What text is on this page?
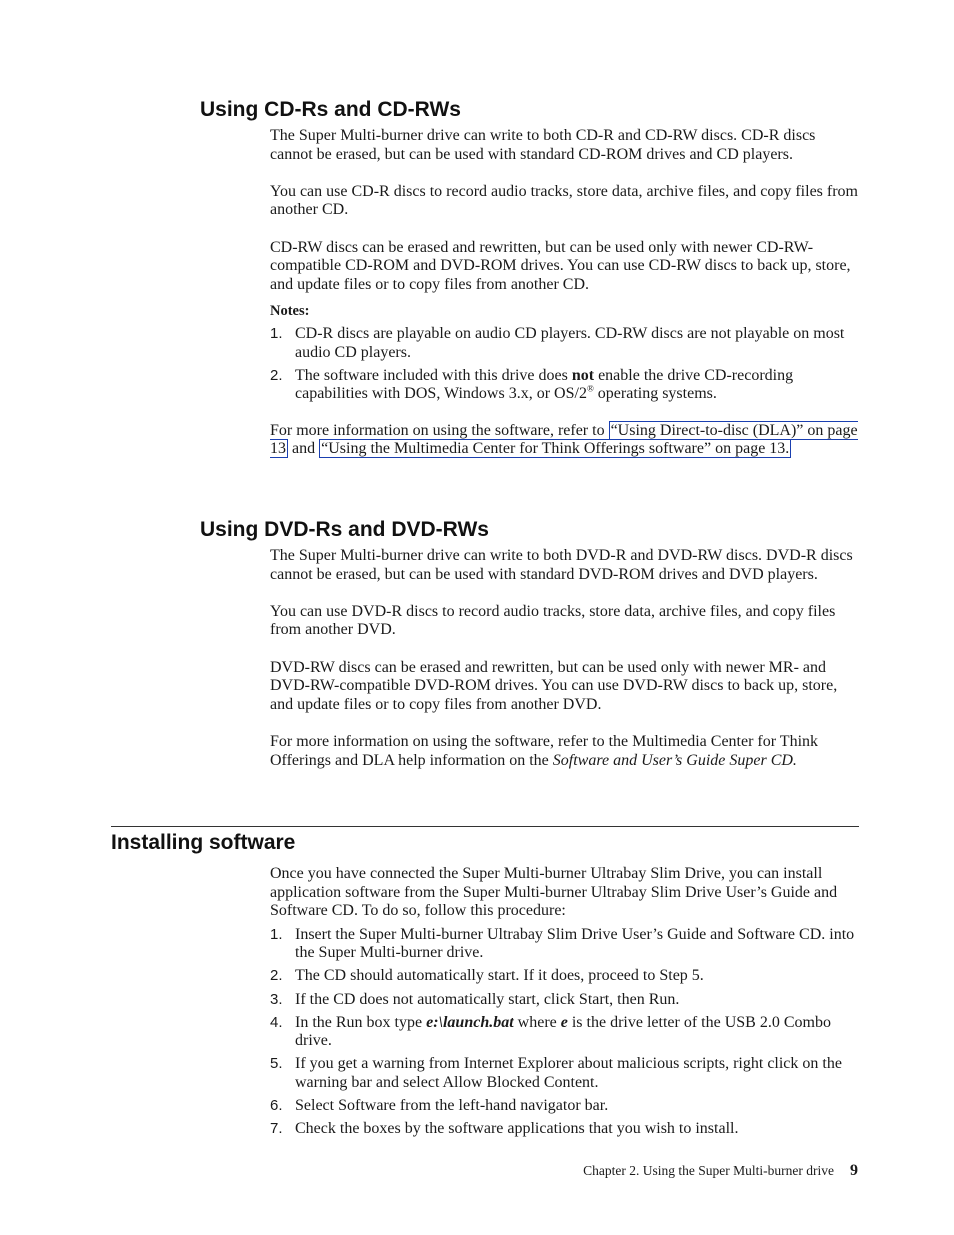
Using CD-Rs and CD-RWs

The Super Multi-burner drive can write to both CD-R and CD-RW discs. CD-R discs cannot be erased, but can be used with standard CD-ROM drives and CD players.

You can use CD-R discs to record audio tracks, store data, archive files, and copy files from another CD.

CD-RW discs can be erased and rewritten, but can be used only with newer CD-RW-compatible CD-ROM and DVD-ROM drives. You can use CD-RW discs to back up, store, and update files or to copy files from another CD.

Notes:
1. CD-R discs are playable on audio CD players. CD-RW discs are not playable on most audio CD players.
2. The software included with this drive does not enable the drive CD-recording capabilities with DOS, Windows 3.x, or OS/2® operating systems.

For more information on using the software, refer to “Using Direct-to-disc (DLA)” on page 13 and “Using the Multimedia Center for Think Offerings software” on page 13.

Using DVD-Rs and DVD-RWs

The Super Multi-burner drive can write to both DVD-R and DVD-RW discs. DVD-R discs cannot be erased, but can be used with standard DVD-ROM drives and DVD players.

You can use DVD-R discs to record audio tracks, store data, archive files, and copy files from another DVD.

DVD-RW discs can be erased and rewritten, but can be used only with newer MR- and DVD-RW-compatible DVD-ROM drives. You can use DVD-RW discs to back up, store, and update files or to copy files from another DVD.

For more information on using the software, refer to the Multimedia Center for Think Offerings and DLA help information on the Software and User’s Guide Super CD.

Installing software

Once you have connected the Super Multi-burner Ultrabay Slim Drive, you can install application software from the Super Multi-burner Ultrabay Slim Drive User’s Guide and Software CD. To do so, follow this procedure:

1. Insert the Super Multi-burner Ultrabay Slim Drive User’s Guide and Software CD. into the Super Multi-burner drive.
2. The CD should automatically start. If it does, proceed to Step 5.
3. If the CD does not automatically start, click Start, then Run.
4. In the Run box type e:\launch.bat where e is the drive letter of the USB 2.0 Combo drive.
5. If you get a warning from Internet Explorer about malicious scripts, right click on the warning bar and select Allow Blocked Content.
6. Select Software from the left-hand navigator bar.
7. Check the boxes by the software applications that you wish to install.
Chapter 2. Using the Super Multi-burner drive 9
